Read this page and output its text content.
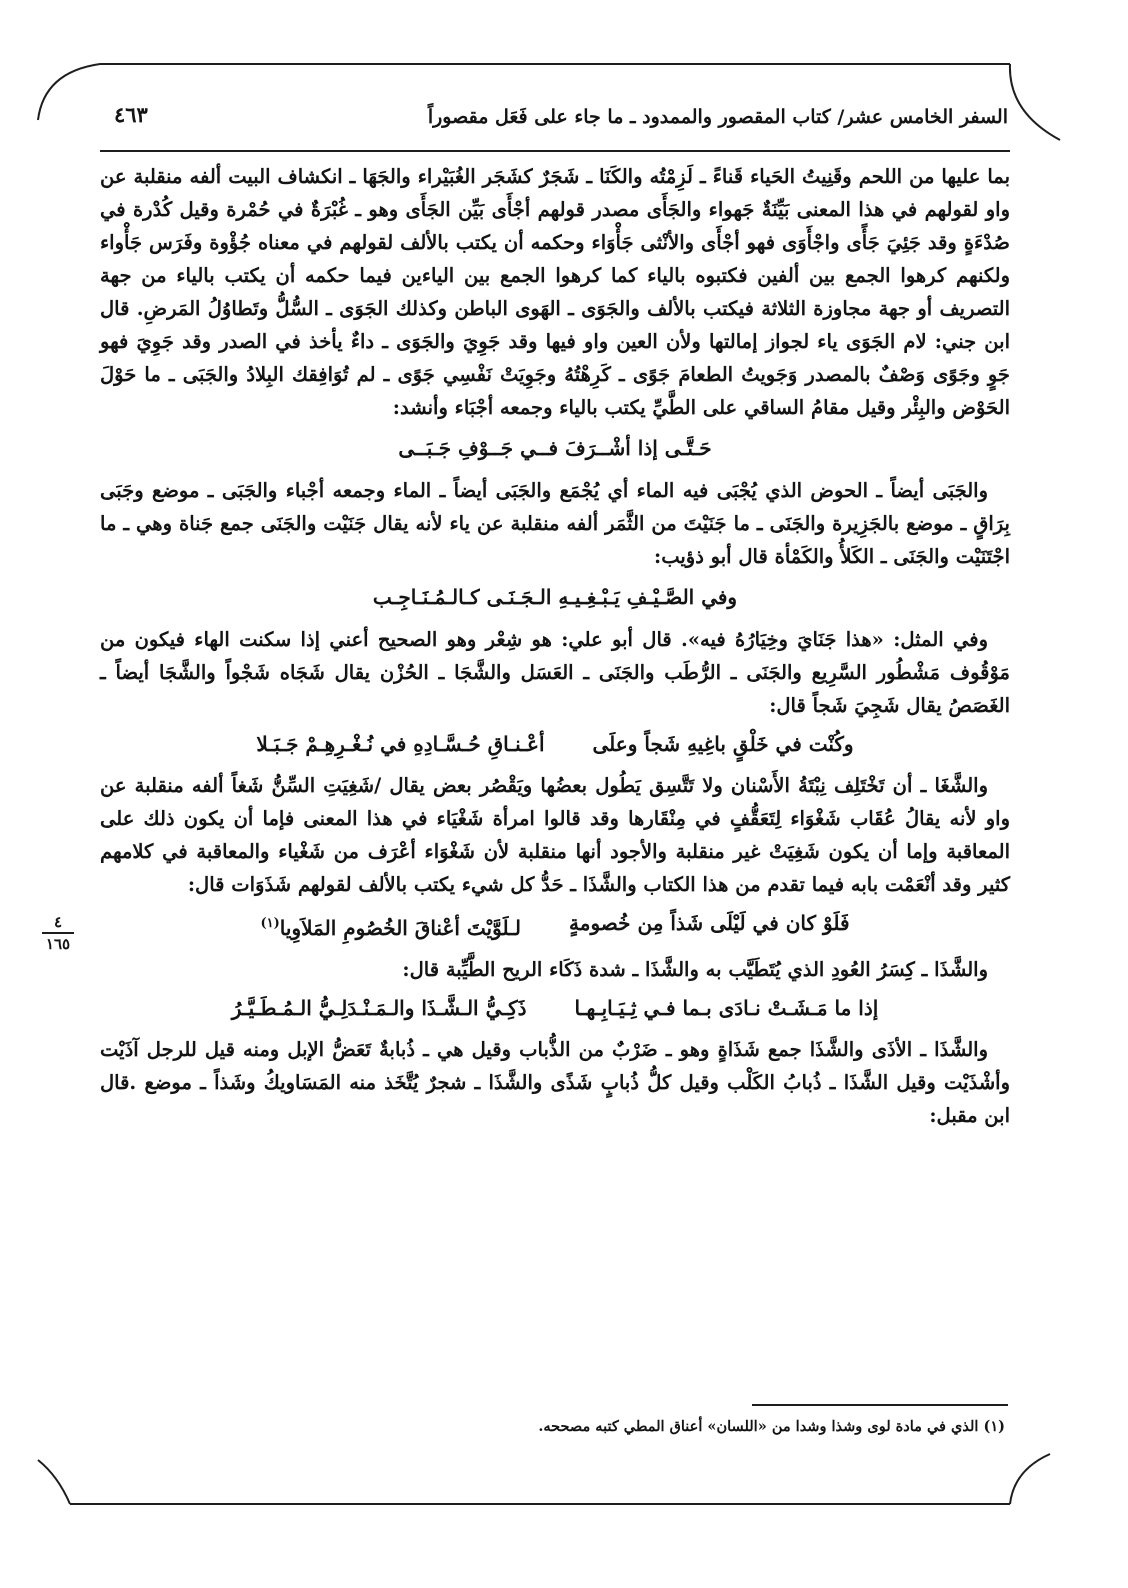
السفر الخامس عشر/ كتاب المقصور والممدود ـ ما جاء على فَعَل مقصوراً
٤٦٣
٤
١٦٥

بما عليها من اللحم وقَنِيتُ الحَياء قَناءً ـ لَزِمْتُه والكَنَا ـ شَجَرٌ كشَجَر الغُبَيْراء والجَهَا ـ انكشاف البيت ألفه منقلبة عن واو لقولهم في هذا المعنى بَيِّنَةٌ جَهواء والجَأَى مصدر قولهم أجْأَى بَيِّن الجَأَى وهو ـ غُبْرَةٌ في حُمْرة وقيل كُدْرة في صُدْءَةٍ وقد جَئِيَ جَأًى واجْأَوَى فهو أجْأَى والأنْثى جَأْوَاء وحكمه أن يكتب بالألف لقولهم في معناه جُؤْوة وفَرَس جَأْواء ولكنهم كرهوا الجمع بين ألفين فكتبوه بالياء كما كرهوا الجمع بين الياءين فيما حكمه أن يكتب بالياء من جهة التصريف أو جهة مجاوزة الثلاثة فيكتب بالألف والجَوَى ـ الهَوى الباطن وكذلك الجَوَى ـ السُّلُّ وتَطاوُلُ المَرضِ. قال ابن جني: لام الجَوَى ياء لجواز إمالتها ولأن العين واو فيها وقد جَوِيَ والجَوَى ـ داءٌ يأخذ في الصدر وقد جَوِيَ فهو جَوٍ وجَوًى وَصْفٌ بالمصدر وَجَويتُ الطعامَ جَوًى ـ كَرِهْتُهُ وجَوِيَتْ نَفْسِي جَوًى ـ لم تُوَافِقك البِلادُ والجَبَى ـ ما حَوْلَ الحَوْض والبِئْر وقيل مقامُ الساقي على الطَّيِّ يكتب بالياء وجمعه أجْبَاء وأنشد:

حَـتَّـى إذا أشْــرَفَ فــي جَــوْفِ جَـبَــى

والجَبَى أيضاً ـ الحوض الذي يُجْبَى فيه الماء أي يُجْمَع والجَبَى أيضاً ـ الماء وجمعه أجْباء والجَبَى ـ موضع وجَبَى بِرَاقٍ ـ موضع بالجَزِيرة والجَنَى ـ ما جَنَيْتَ من الثَّمَر ألفه منقلبة عن ياء لأنه يقال جَنَيْت والجَنَى جمع جَناة وهي ـ ما اجْتَنَيْت والجَنَى ـ الكَلأُ والكَمْأة قال أبو ذؤيب:

وفي الصَّـيْـفِ يَـبْـغِـيـهِ الـجَـنَـى كـالـمُـنَـاجِـب

وفي المثل: «هذا جَنَايَ وخِيَارُهُ فيه». قال أبو علي: هو شِعْر وهو الصحيح أعني إذا سكنت الهاء فيكون من مَوْقُوف مَشْطُور السَّرِيع والجَنَى ـ الرُّطَب والجَنَى ـ العَسَل والشَّجَا ـ الحُزْن يقال شَجَاه شَجْواً والشَّجَا أيضاً ـ الغَصَصُ يقال شَجِيَ شَجاً قال:

وكُنْت في خَلْقٍ باغِيهِ شَجاً وعلَى
أعْـنـاقِ حُـسَّـادِهِ في نُـغْـرِهِـمْ جَـبَـلا

والشَّغَا ـ أن تَخْتَلِف نِبْتَةُ الأَسْنان ولا تَتَّسِق يَطُول بعضُها ويَقْصُر بعض يقال /شَغِيَتِ السِّنُّ شَغاً ألفه منقلبة عن واو لأنه يقالُ عُقَاب شَغْوَاء لِتَعَقُّفٍ في مِنْقَارها وقد قالوا امرأة شَغْيَاء في هذا المعنى فإما أن يكون ذلك على المعاقبة وإما أن يكون شَغِيَتْ غير منقلبة والأجود أنها منقلبة لأن شَغْوَاء أعْرَف من شَغْياء والمعاقبة في كلامهم كثير وقد أنْعَمْت بابه فيما تقدم من هذا الكتاب والشَّذَا ـ حَدُّ كل شيء يكتب بالألف لقولهم شَذَوَات قال:

فَلَوْ كان في لَيْلَى شَذاً مِن خُصومةٍ
لـلَوَّيْتَ أعْناقَ الخُصُومِ المَلاَوِيا(١)

والشَّذَا ـ كِسَرُ العُودِ الذي يُتَطَيَّب به والشَّذَا ـ شدة ذَكَاء الريح الطَّيِّبة قال:

إذا ما مَـشَـتْ نـادَى بـما فـي ثِـيَـابِـهـا
ذَكِـيُّ الـشَّـذَا والـمَـنْـدَلِـيُّ الـمُـطَـيَّـرُ

والشَّذَا ـ الأذَى والشَّذَا جمع شَذَاةٍ وهو ـ ضَرْبٌ من الذُّباب وقيل هي ـ ذُبابةٌ تَعَضُّ الإبل ومنه قيل للرجل آذَيْت وأشْذَيْت وقيل الشَّذَا ـ ذُبابُ الكَلْب وقيل كلُّ ذُبابٍ شَذًى والشَّذَا ـ شجرٌ يُتَّخَذ منه المَسَاويكُ وشَذاً ـ موضع .قال ابن مقبل:

(١) الذي في مادة لوى وشذا وشدا من «اللسان» أعناق المطي كتبه مصححه.
